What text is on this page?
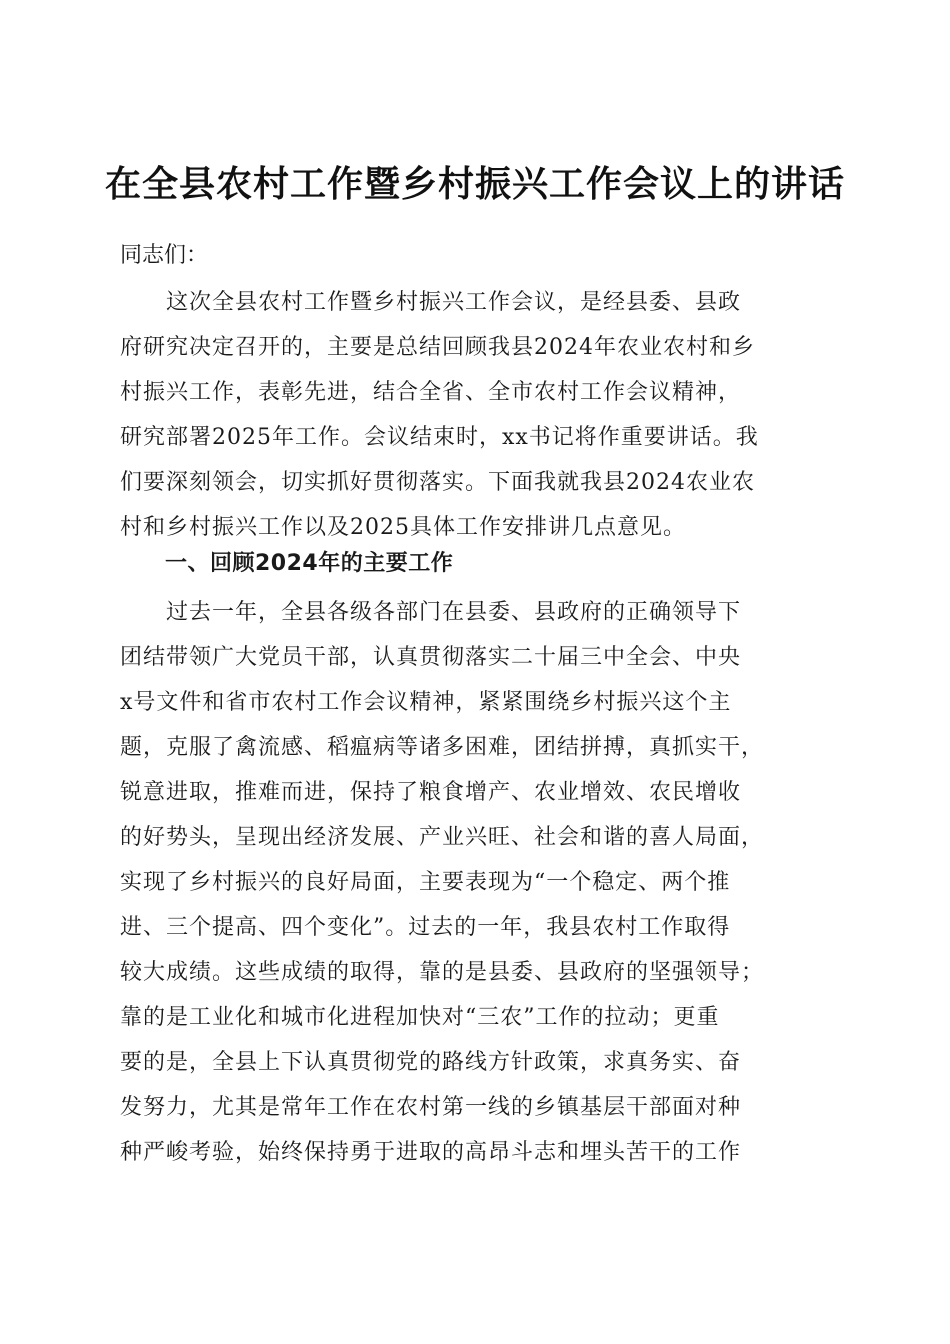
在全县农村工作暨乡村振兴工作会议上的讲话
同志们：
　　这次全县农村工作暨乡村振兴工作会议，是经县委、县政
府研究决定召开的，主要是总结回顾我县2024年农业农村和乡
村振兴工作，表彰先进，结合全省、全市农村工作会议精神，
研究部署2025年工作。会议结束时，xx书记将作重要讲话。我
们要深刻领会，切实抓好贯彻落实。下面我就我县2024农业农
村和乡村振兴工作以及2025具体工作安排讲几点意见。
一、回顾2024年的主要工作
　　过去一年，全县各级各部门在县委、县政府的正确领导下
团结带领广大党员干部，认真贯彻落实二十届三中全会、中央
x号文件和省市农村工作会议精神，紧紧围绕乡村振兴这个主
题，克服了禽流感、稻瘟病等诸多困难，团结拼搏，真抓实干，
锐意进取，推难而进，保持了粮食增产、农业增效、农民增收
的好势头，呈现出经济发展、产业兴旺、社会和谐的喜人局面，
实现了乡村振兴的良好局面，主要表现为“一个稳定、两个推
进、三个提高、四个变化”。过去的一年，我县农村工作取得
较大成绩。这些成绩的取得，靠的是县委、县政府的坚强领导；
靠的是工业化和城市化进程加快对“三农”工作的拉动；更重
要的是，全县上下认真贯彻党的路线方针政策，求真务实、奋
发努力，尤其是常年工作在农村第一线的乡镇基层干部面对种
种严峻考验，始终保持勇于进取的高昂斗志和埋头苦干的工作
